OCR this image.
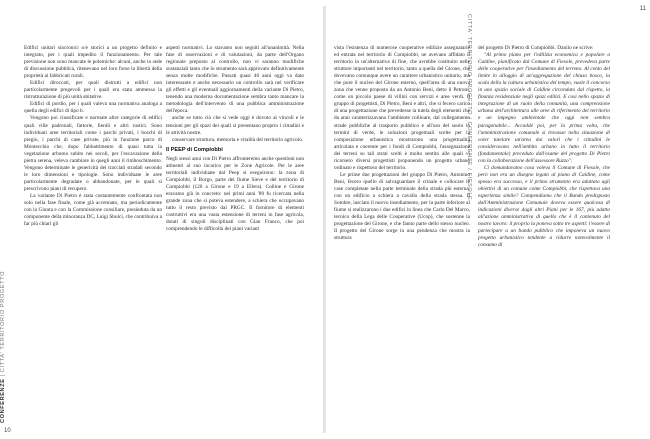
CONFERENZE | CITTA' TERRITORIO PROGETTO
10
11
CITTA' TERRITORIO PROGETTO / CONFERENZE / FIESOLE

Edifici unitari sincronici o/e storici a un progetto definito e integrato, per i quali impedito il funzionamento. Per tale previsione non sono mancate le polemiche: alcuni, anche in sede di discussione pubblica, ritenevano nel loro forse la libertà della proprietà ai fabbricati rurali.

Edifici diroccati, per quali distrutti a edifici non particolarmente pregevoli per i quali era stata ammessa la ristrutturazione di più unità abitative.

Edifici di pordio, per i quali valeva una normativa analoga a quella degli edifici di tipo b.

Vengono poi classificate e normate altre categorie di edifici quali ville padronali, fattorie, fienili e altri rustici. Sono individuati aree territoriali come i parchi privati, i boschi di pregio, i parchi di case private, più in funzione parco di Montecchio che, dopo l'abbattimento di quasi tutta la vegetazione arborea subito nei secoli, per l'escavazione della pietra serena, veleva cambiare in quegli anni il rimboschimento. Vengono determinate le genericità dei tracciati stradali secondo le loro dimensioni e tipologie. Sono individuate le aree particolarmente degradate o abbandonate, per le quali si prescrivono piani di recupero.

La variante Di Pietro è stata costantemente confrontata non solo nella fase finale, come già accennato, ma periodicamente con la Giunta e con la Commissione consiliare, presieduta da un componente della minoranza DC, Luigi Sbolci, che contribuiva a far più chiari gli

aspetti normativi. Lo stavamo non seguiti all'unanimità. Nella fase di osservazioni e di valutazioni, da parte dell'Organo regionale preposto al controllo, non vi saranno modifiche sostanziali tanto che lo strumento sarà approvato definitivamente senza molte modifiche. Passati quasi 40 anni oggi va dato interessante e anche necessario un controllo sarà nel verificare gli effetti e gli eventuali aggiornamenti della variante Di Pietro, tenendo una moderna documentazione sembra tanto mancare la metodologia dell'intervento di una pubblica amministrazione dell'epoca.

anche se tutto ciò che si vede oggi è dovuto ai vincoli e le tensioni per gli spazi dei quali si presentano proprio i cittadini e le attività nostre.

conservare struttura, memoria e vitalità del territorio agricolo.

Il PEEP di Compiobbi

Negli stessi anni con Di Pietro affronteremo anche questioni non attinenti al suo incarico per le Zone Agricole. Per le aree territoriali individuate dal Peep si eseguirono: la zona di Compiobbi, il Borgo, parte del fiume Sieve e del territorio di Compiobbi (120 a Girone e 19 a Ellera). Colline e Girone eravamo già in concreto: nei primi anni '80 fu ricercata nella grande zona che si poteva estendere, a schiera che occupavano tutto il resto previsto dal PRGC. Il fornitore di elementi costruttivi era una vasta estensione di terreni in fase agricola, dotati di singoli disciplinati con Gian Franco, che poi comprendendo le difficoltà dei piani variant

vista l'esistenza di numerose cooperative edilizie assegnatarie ed entrata nel territorio di Compiobbi, ne avevano affidato il territorio in un'alternativa di fine, che avrebbe costituito nelle strutture importanti nel territorio, tanto a quella del Girone, che dovevano comunque avere un carattere urbanistico unitario, ma che pure il nucleo del Girone esterno, quell'area di una nuova zona che venne proposta da un Antonio Beni, detto il Petroni, come un piccolo paese di villini con servizi e aree verdi. Il gruppo di progettisti, Di Pietro, Beni e altri, che si fecero carico di una progettazione che prevedesse la tutela degli elementi che da anni caratterizzavano l'ambiente collinare, dal collegamento strade pubbliche al trasporto pubblico e all'uso del suolo in termini di verde, le soluzioni progettuali scelte per la composizione urbanistica mostrarono una progettualità articolata e coerente per i fondi di Compiobbi, l'assegnazione dei terreni su tali strati scelti è molto sentito alle quali vi ricorsero diversi progettisti proponendo un progetto urbano ordinato e rispettoso del territorio.

Le prime due progettazioni del gruppo Di Pietro, Antonino Beni, fecero quello di salvaguardare il crinale e collocare le case completate nella parte terminale della strada più esterna, con un edificio a schiera a cavallo della strada stessa. Il Sombre, lasciato il nuovo insediamento, per la parte inferiore al fiume si realizzarono i due edifici in linea che Carlo Del Marco, tecnico della Lega delle Cooperative (Ucop), che sostenne la progettazione del Girone, e che fanno parte dello stesso nucleo. Il progetto del Girone sorge in una pendenza che mostra la struttura

del progetto Di Pietro di Compiobbi. Danilo ne scrive:

"Al primo piano per l'edilizia economica e popolare a Caldine, pianificato dal Comune di Fiesole, prevedeva parte delle cooperative per l'insediamento del terreno. Al cento del limite in alloggio di un'aggregazione del chiuso bosco, la scala della la cultura urbanistica del tempo, vuole il concorso in uno spazio sociale di Caldine circondato dal rispetto, la finanza residenziale negli spazi edilizi. E così nello spazio di integrazione di un ruolo della comunità, una comprensione urbana dell'architettura alle aree di riferimento del territorio e un impegno ambientale che oggi non sembra paragonabile... Accaddé poi, per la prima volta, che l'amministrazione comunale si trovasse nella situazione di voler tutelare un'area dai valori che i cittadini le consideravano nell'ambito urbano in tutto il territorio (fondamentale) preceduto dall'esame del progetto Di Pietro con la collaborazione dell'assessore Ruzzo".

Ci domandavamo cosa voleva il Comune di Fiesole, che però non era un disegno legato al piano di Caldine, come spesso era successo, e il primo strumento era adattato agli obiettivi di un comune come Compiobbi, che rispettava una esperienza simile? Compendiamo che il Bando predisposto dall'Amministrazione Comunale doveva essere qualcosa di indicazioni diverse dagli altri Piani per le 167, più adatto all'azione amministrativa di quello che è il contenuto del nostro lavoro: il proprio la poneva sotto tre aspetti: l'essere di partecipare a un bando pubblico che imponeva un nuovo progetto urbanistico tendente a ridurre notevolmente il consumo di
